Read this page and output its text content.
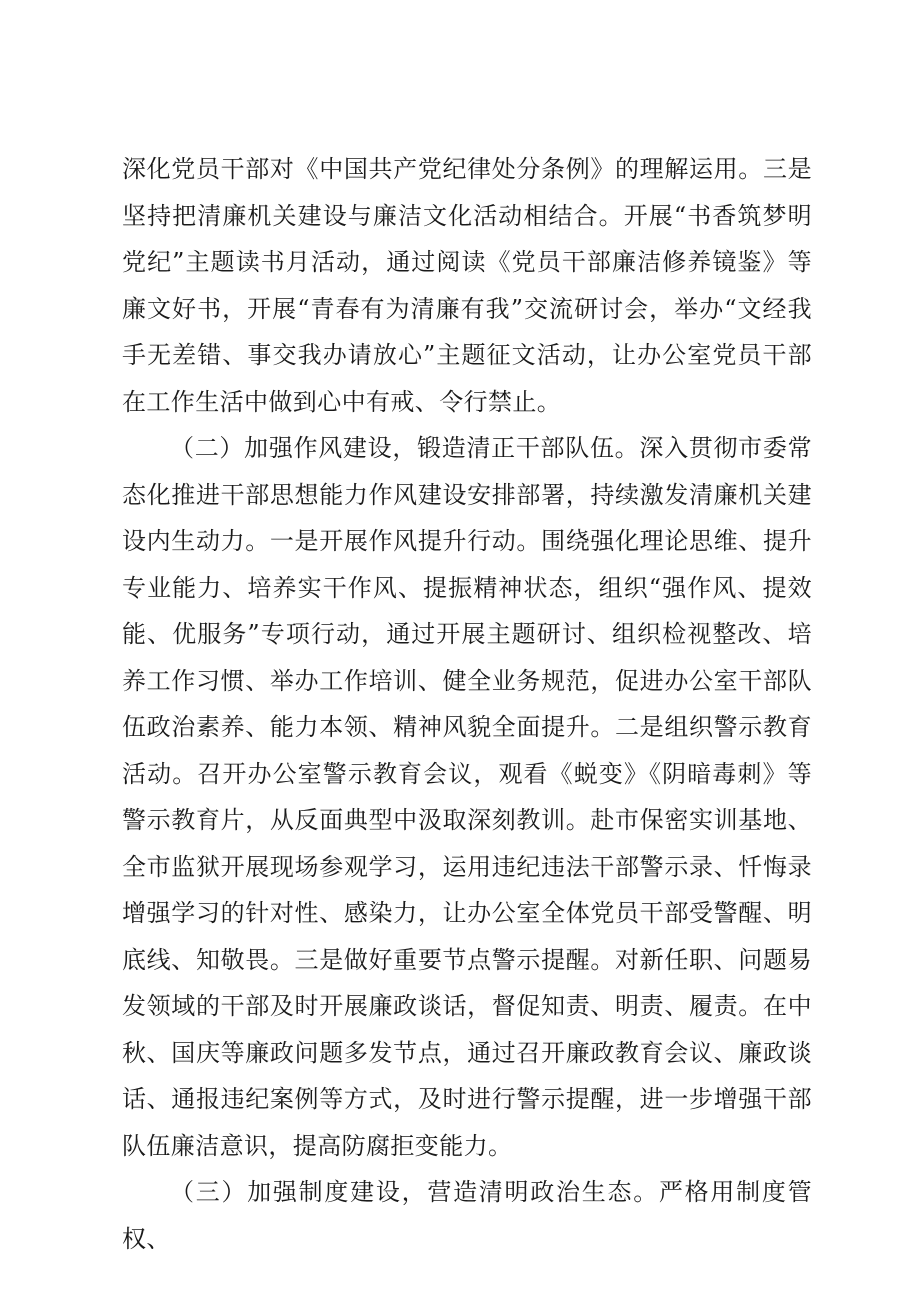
深化党员干部对《中国共产党纪律处分条例》的理解运用。三是坚持把清廉机关建设与廉洁文化活动相结合。开展“书香筑梦明党纪”主题读书月活动，通过阅读《党员干部廉洁修养镜鉴》等廉文好书，开展“青春有为清廉有我”交流研讨会，举办“文经我手无差错、事交我办请放心”主题征文活动，让办公室党员干部在工作生活中做到心中有戒、令行禁止。

（二）加强作风建设，锻造清正干部队伍。深入贯彻市委常态化推进干部思想能力作风建设安排部署，持续激发清廉机关建设内生动力。一是开展作风提升行动。围绕强化理论思维、提升专业能力、培养实干作风、提振精神状态，组织“强作风、提效能、优服务”专项行动，通过开展主题研讨、组织检视整改、培养工作习惯、举办工作培训、健全业务规范，促进办公室干部队伍政治素养、能力本领、精神风貌全面提升。二是组织警示教育活动。召开办公室警示教育会议，观看《蜕变》《阴暗毒刺》等警示教育片，从反面典型中汲取深刻教训。赴市保密实训基地、全市监狱开展现场参观学习，运用违纪违法干部警示录、忏悔录增强学习的针对性、感染力，让办公室全体党员干部受警醒、明底线、知敬畏。三是做好重要节点警示提醒。对新任职、问题易发领域的干部及时开展廉政谈话，督促知责、明责、履责。在中秋、国庆等廉政问题多发节点，通过召开廉政教育会议、廉政谈话、通报违纪案例等方式，及时进行警示提醒，进一步增强干部队伍廉洁意识，提高防腐拒变能力。

（三）加强制度建设，营造清明政治生态。严格用制度管权、
